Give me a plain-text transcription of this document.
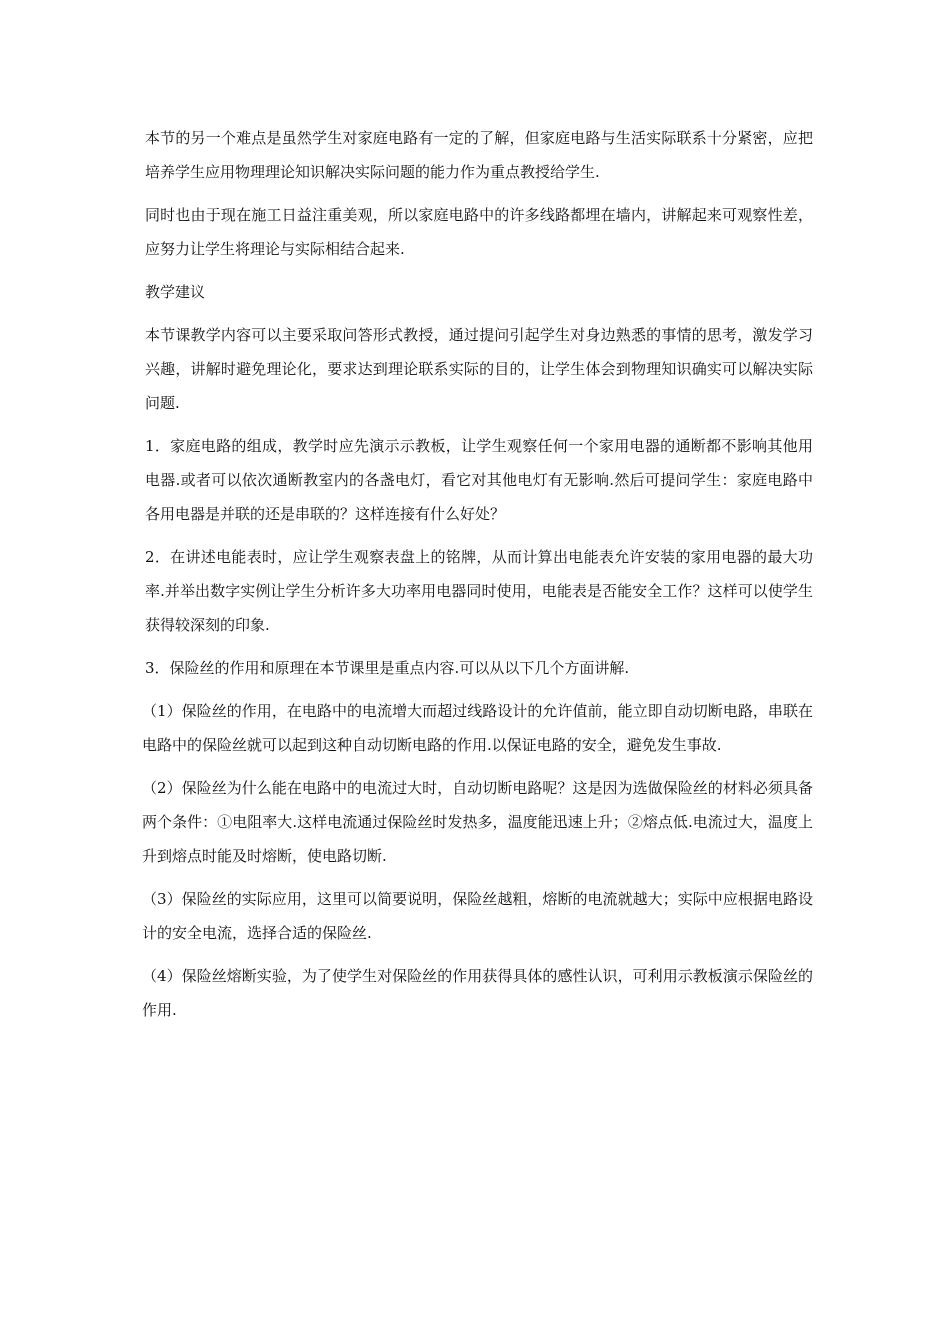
本节的另一个难点是虽然学生对家庭电路有一定的了解，但家庭电路与生活实际联系十分紧密，应把培养学生应用物理理论知识解决实际问题的能力作为重点教授给学生.

同时也由于现在施工日益注重美观，所以家庭电路中的许多线路都埋在墙内，讲解起来可观察性差，应努力让学生将理论与实际相结合起来.

教学建议

本节课教学内容可以主要采取问答形式教授，通过提问引起学生对身边熟悉的事情的思考，激发学习兴趣，讲解时避免理论化，要求达到理论联系实际的目的，让学生体会到物理知识确实可以解决实际问题.

1．家庭电路的组成，教学时应先演示示教板，让学生观察任何一个家用电器的通断都不影响其他用电器.或者可以依次通断教室内的各盏电灯，看它对其他电灯有无影响.然后可提问学生：家庭电路中各用电器是并联的还是串联的？这样连接有什么好处？

2．在讲述电能表时，应让学生观察表盘上的铭牌，从而计算出电能表允许安装的家用电器的最大功率.并举出数字实例让学生分析许多大功率用电器同时使用，电能表是否能安全工作？这样可以使学生获得较深刻的印象.

3．保险丝的作用和原理在本节课里是重点内容.可以从以下几个方面讲解.

（1）保险丝的作用，在电路中的电流增大而超过线路设计的允许值前，能立即自动切断电路，串联在电路中的保险丝就可以起到这种自动切断电路的作用.以保证电路的安全，避免发生事故.

（2）保险丝为什么能在电路中的电流过大时，自动切断电路呢？这是因为选做保险丝的材料必须具备两个条件：①电阻率大.这样电流通过保险丝时发热多，温度能迅速上升；②熔点低.电流过大，温度上升到熔点时能及时熔断，使电路切断.

（3）保险丝的实际应用，这里可以简要说明，保险丝越粗，熔断的电流就越大；实际中应根据电路设计的安全电流，选择合适的保险丝.

（4）保险丝熔断实验，为了使学生对保险丝的作用获得具体的感性认识，可利用示教板演示保险丝的作用.
